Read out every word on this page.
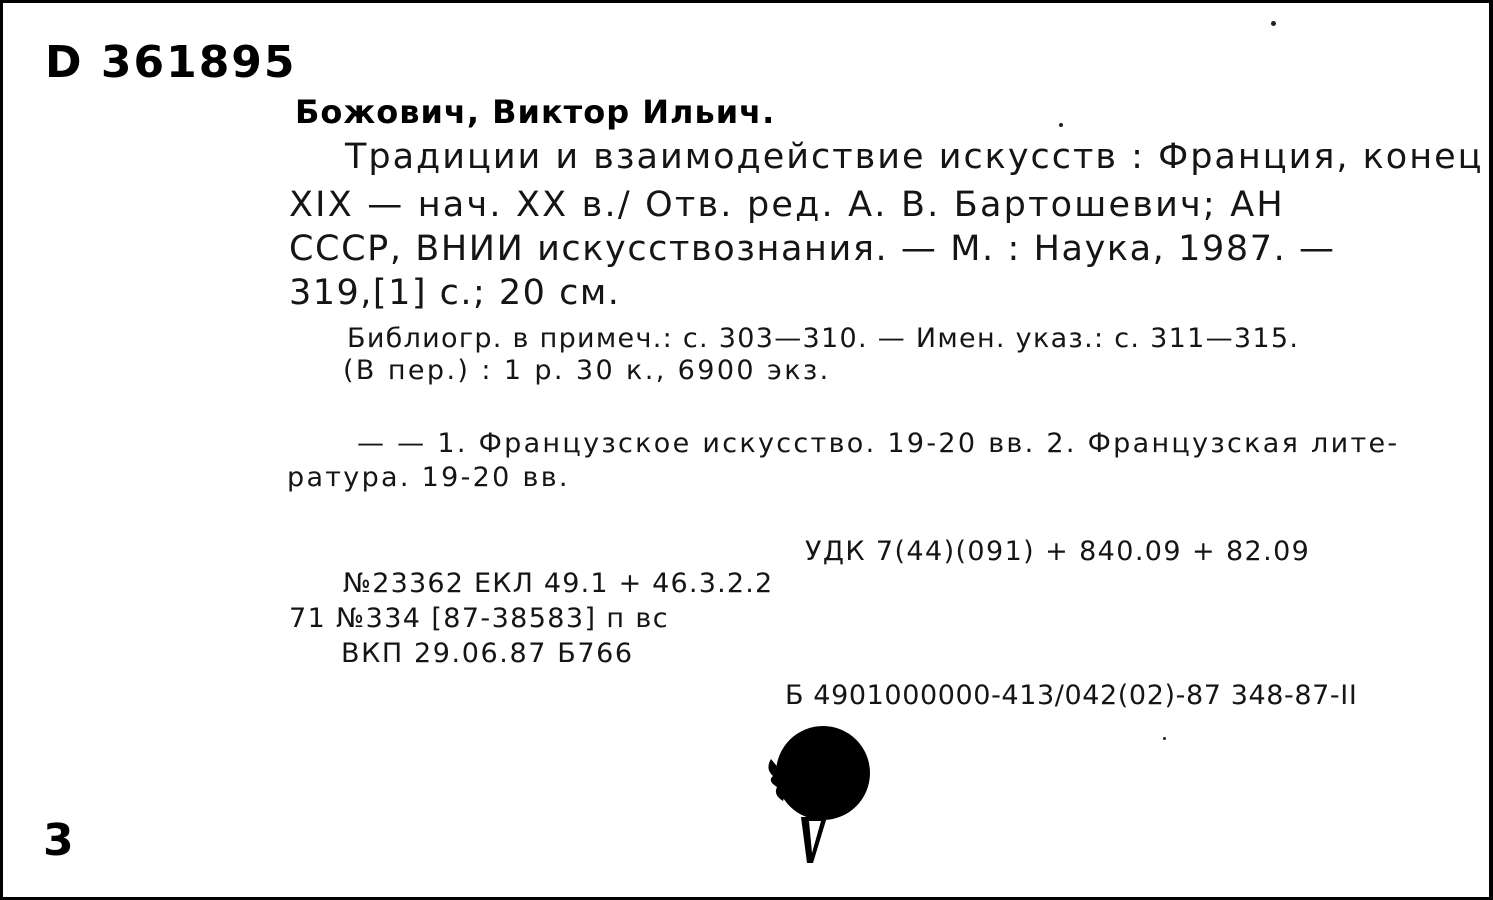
D 361895
Божович, Виктор Ильич.
Традиции и взаимодействие искусств : Франция, конец
XIX — нач. XX в./ Отв. ред. А. В. Бартошевич; АН
СССР, ВНИИ искусствознания. — М. : Наука, 1987. —
319,[1] с.; 20 см.
Библиогр. в примеч.: с. 303—310. — Имен. указ.: с. 311—315.
(В пер.) : 1 р. 30 к., 6900 экз.
— — 1. Французское искусство. 19-20 вв. 2. Французская лите-
ратура. 19-20 вв.
УДК 7(44)(091) + 840.09 + 82.09
№23362 ЕКЛ 49.1 + 46.3.2.2
71 №334 [87-38583] п вс
ВКП 29.06.87 Б766
Б 4901000000-413/042(02)-87 348-87-II
3
